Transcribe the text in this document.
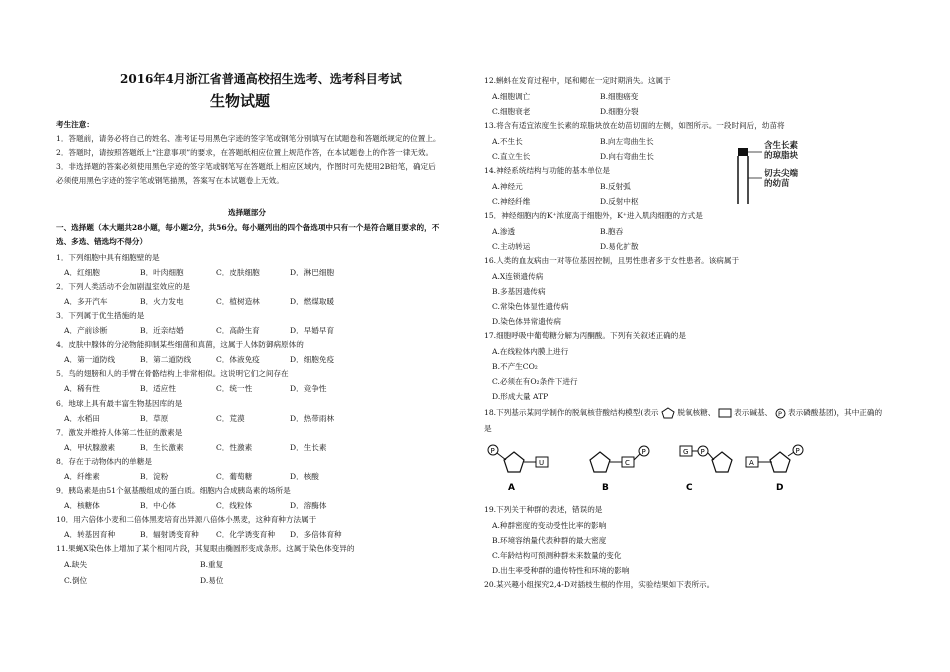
2016年4月浙江省普通高校招生选考、选考科目考试
生物试题
考生注意：
1．答题前，请务必将自己的姓名、准考证号用黑色字迹的签字笔或钢笔分别填写在试题卷和答题纸规定的位置上。
2．答题时，请按照答题纸上“注意事项”的要求，在答题纸相应位置上规范作答，在本试题卷上的作答一律无效。
3．非选择题的答案必须使用黑色字迹的签字笔或钢笔写在答题纸上相应区域内，作图时可先使用2B铅笔，确定后
必须使用黑色字迹的签字笔或钢笔描黑，答案写在本试题卷上无效。
选择题部分
一、选择题（本大题共28小题，每小题2分，共56分。每小题列出的四个备选项中只有一个是符合题目要求的，不
选、多选、错选均不得分）
1．下列细胞中具有细胞壁的是
A．红细胞	B．叶肉细胞	C．皮肤细胞	D．淋巴细胞
2．下列人类活动不会加剧温室效应的是
A．多开汽车	B．火力发电	C．植树造林	D．燃煤取暖
3．下列属于优生措施的是
A．产前诊断	B．近亲结婚	C．高龄生育	D．早婚早育
4．皮肤中腺体的分泌物能抑制某些细菌和真菌，这属于人体防御病原体的
A．第一道防线	B．第二道防线	C．体液免疫	D．细胞免疫
5．鸟的翅膀和人的手臂在骨骼结构上非常相似。这说明它们之间存在
A．稀有性	B．适应性	C．统一性	D．竞争性
6．地球上具有最丰富生物基因库的是
A．水稻田	B．草原	C．荒漠	D．热带雨林
7．激发并维持人体第二性征的激素是
A．甲状腺激素	B．生长激素	C．性激素	D．生长素
8．存在于动物体内的单糖是
A．纤维素	B．淀粉	C．葡萄糖	D．核酸
9．胰岛素是由51个氨基酸组成的蛋白质。细胞内合成胰岛素的场所是
A．核糖体	B．中心体	C．线粒体	D．溶酶体
10．用六倍体小麦和二倍体黑麦培育出异源八倍体小黑麦，这种育种方法属于
A．转基因育种	B．辐射诱变育种 C．化学诱变育种 D．多倍体育种
11.果蝇X染色体上增加了某个相同片段，其复眼由椭圆形变成条形。这属于染色体变异的
A.缺失	B.重复
C.倒位	D.易位
12.蝌蚪在发育过程中，尾和鳃在一定时期消失。这属于
A.细胞调亡	B.细胞癌变
C.细胞衰老	D.细胞分裂
13.将含有适宜浓度生长素的琼脂块放在幼苗切面的左侧，如图所示。一段时间后，幼苗将
A.不生长	B.向左弯曲生长
C.直立生长	D.向右弯曲生长
含生长素
的琼脂块
切去尖端
的幼苗
14.神经系统结构与功能的基本单位是
A.神经元	B.反射弧
C.神经纤维	D.反射中枢
15．神经细胞内的K⁺浓度高于细胞外，K⁺进入肌肉细胞的方式是
A.渗透	B.胞吞
C.主动转运	D.易化扩散
16.人类的血友病由一对等位基因控制，且男性患者多于女性患者。该病属于
A.X连锁遗传病
B.多基因遗传病
C.常染色体显性遗传病
D.染色体异常遗传病
17.细胞呼吸中葡萄糖分解为丙酮酸。下列有关叙述正确的是
A.在线粒体内膜上进行
B.不产生CO₂
C.必须在有O₂条件下进行
D.形成大量 ATP
18.下列基示某同学制作的脱氧核苷酸结构模型(表示 脱氧核糖、 表示碱基、 P 表示磷酸基团)，其中正确的
是
P
U
A
C
P
B
G P
C
A
P
D
19.下列关于种群的表述，错误的是
A.种群密度的变动受性比率的影响
B.环境容纳量代表种群的最大密度
C.年龄结构可预测种群未来数量的变化
D.出生率受种群的遗传特性和环境的影响
20.某兴趣小组探究2,4-D对插枝生根的作用，实验结果如下表所示。
